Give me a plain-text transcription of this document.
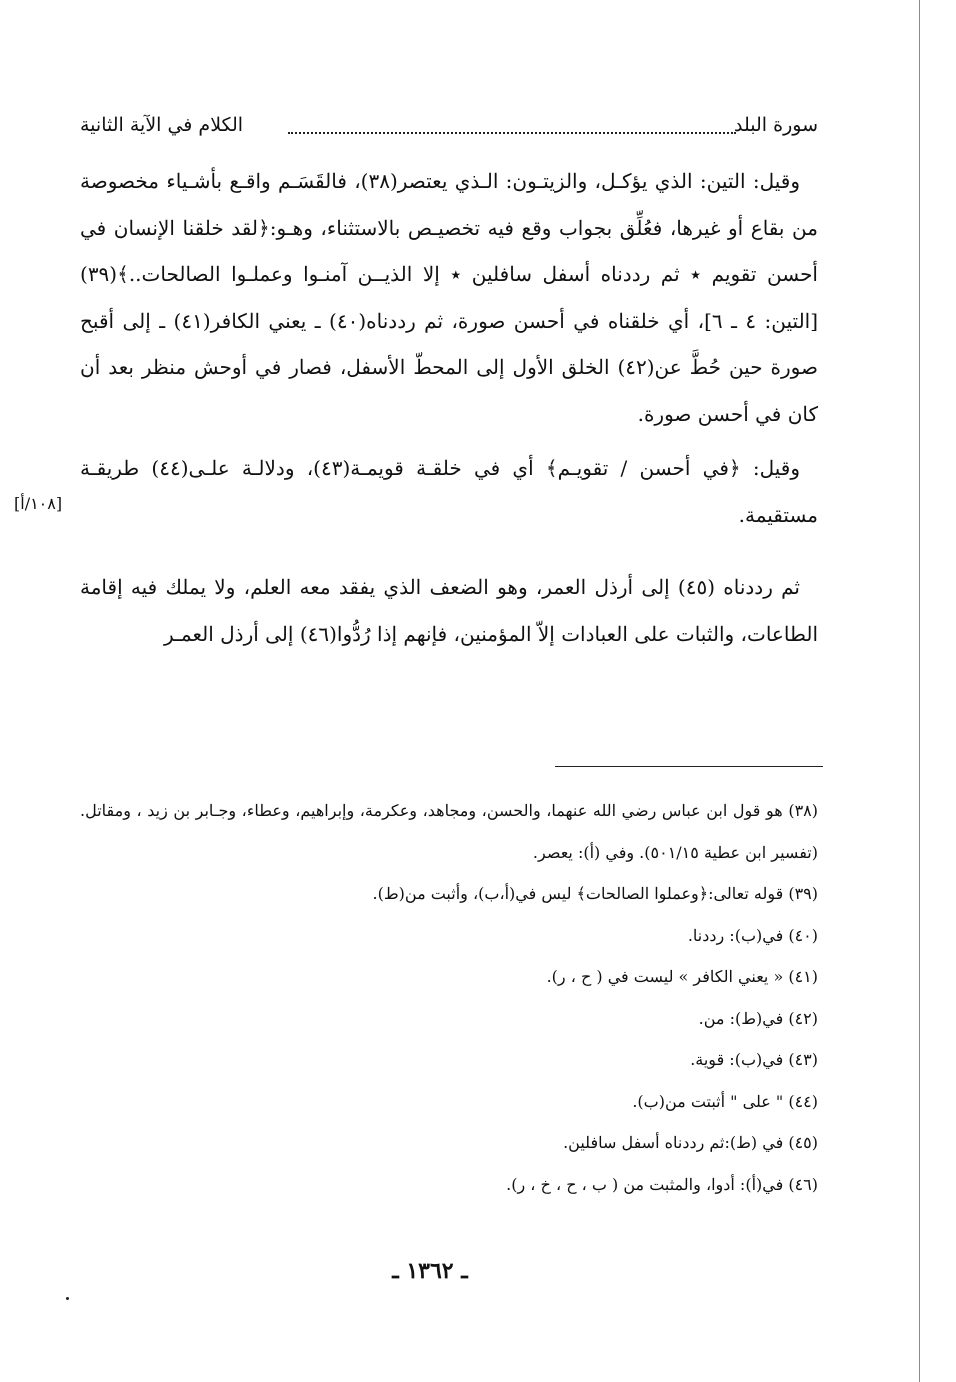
سورة البلد
الكلام في الآية الثانية

وقيل: التين: الذي يؤكـل، والزيتـون: الـذي يعتصر(٣٨)، فالقَسَـم واقـع بأشـياء مخصوصة من بقاع أو غيرها، فعُلِّق بجواب وقع فيه تخصيـص بالاستثناء، وهـو:﴿لقد خلقنا الإنسان في أحسن تقويم ٭ ثم رددناه أسفل سافلين ٭ إلا الذيــن آمنـوا وعملـوا الصالحات..﴾(٣٩) [التين: ٤ ـ ٦]، أي خلقناه في أحسن صورة، ثم رددناه(٤٠) ـ يعني الكافر(٤١) ـ إلى أقبح صورة حين حُطَّ عن(٤٢) الخلق الأول إلى المحطّ الأسفل، فصار في أوحش منظر بعد أن كان في أحسن صورة.

وقيل: ﴿في أحسن / تقويـم﴾ أي في خلقـة قويمـة(٤٣)، ودلالـة علـى(٤٤) طريقـة مستقيمة.

ثم رددناه (٤٥) إلى أرذل العمر، وهو الضعف الذي يفقد معه العلم، ولا يملك فيه إقامة الطاعات، والثبات على العبادات إلاّ المؤمنين، فإنهم إذا رُدُّوا(٤٦) إلى أرذل العمـر

[١٠٨/أ]
(٣٨) هو قول ابن عباس رضي الله عنهما، والحسن، ومجاهد، وعكرمة، وإبراهيم، وعطاء، وجـابر بن زيد ، ومقاتل. (تفسير ابن عطية ٥٠١/١٥). وفي (أ): يعصر.
(٣٩) قوله تعالى:﴿وعملوا الصالحات﴾ ليس في(أ،ب)، وأثبت من(ط).
(٤٠) في(ب): رددنا.
(٤١) « يعني الكافر » ليست في ( ح ، ر).
(٤٢) في(ط): من.
(٤٣) في(ب): قوية.
(٤٤) " على " أثبتت من(ب).
(٤٥) في (ط):ثم رددناه أسفل سافلين.
(٤٦) في(أ): أدوا، والمثبت من ( ب ، ح ، خ ، ر).
ـ ١٣٦٢ ـ
